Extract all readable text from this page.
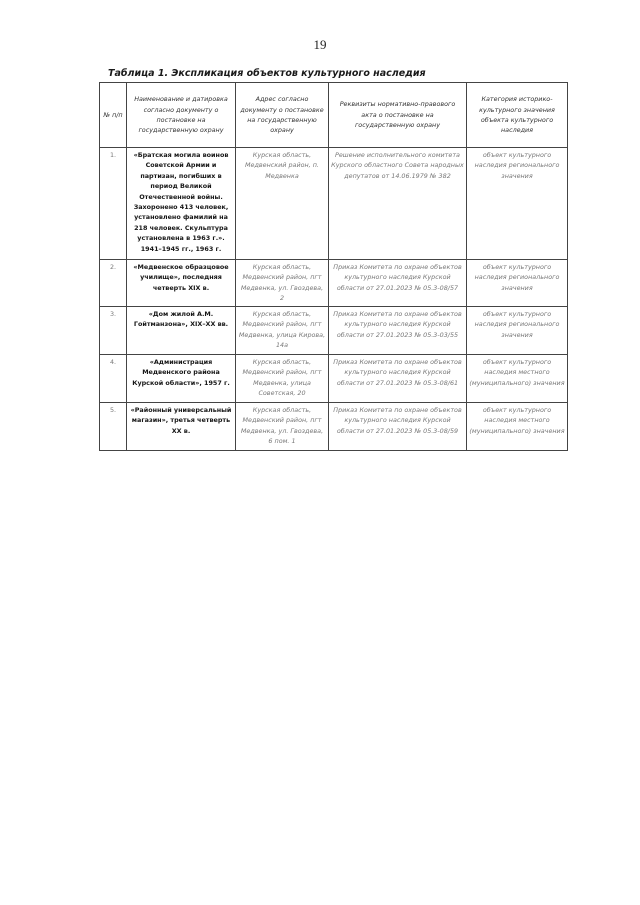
19
Таблица 1. Экспликация объектов культурного наследия
№ п/п	Наименование и датировка согласно документу о постановке на государственную охрану	Адрес согласно документу о постановке на государственную охрану	Реквизиты нормативно-правового акта о постановке на государственную охрану	Категория историко-культурного значения объекта культурного наследия
1.	«Братская могила воинов Советской Армии и партизан, погибших в период Великой Отечественной войны. Захоронено 413 человек, установлено фамилий на 218 человек. Скульптура установлена в 1963 г.». 1941–1945 гг., 1963 г.	Курская область, Медвенский район, п. Медвенка	Решение исполнительного комитета Курского областного Совета народных депутатов от 14.06.1979 № 382	объект культурного наследия регионального значения
2.	«Медвенское образцовое училище», последняя четверть XIX в.	Курская область, Медвенский район, пгт Медвенка, ул. Гвоздева, 2	Приказ Комитета по охране объектов культурного наследия Курской области от 27.01.2023 № 05.3-08/57	объект культурного наследия регионального значения
3.	«Дом жилой А.М. Гойтманзона», XIX–XX вв.	Курская область, Медвенский район, пгт Медвенка, улица Кирова, 14а	Приказ Комитета по охране объектов культурного наследия Курской области от 27.01.2023 № 05.3-03/55	объект культурного наследия регионального значения
4.	«Администрация Медвенского района Курской области», 1957 г.	Курская область, Медвенский район, пгт Медвенка, улица Советская, 20	Приказ Комитета по охране объектов культурного наследия Курской области от 27.01.2023 № 05.3-08/61	объект культурного наследия местного (муниципального) значения
5.	«Районный универсальный магазин», третья четверть XX в.	Курская область, Медвенский район, пгт Медвенка, ул. Гвоздева, 6 пом. 1	Приказ Комитета по охране объектов культурного наследия Курской области от 27.01.2023 № 05.3-08/59	объект культурного наследия местного (муниципального) значения
